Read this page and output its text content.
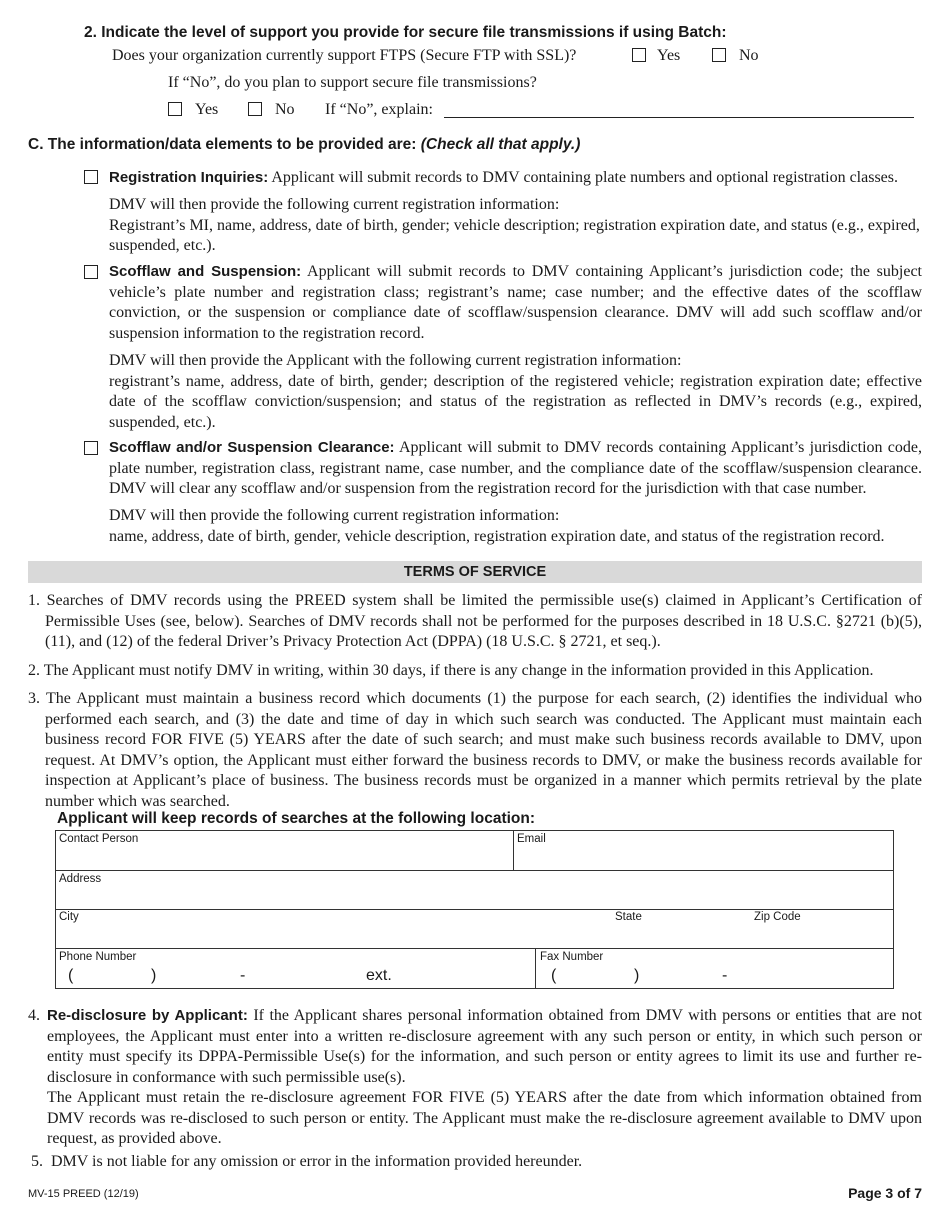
2. Indicate the level of support you provide for secure file transmissions if using Batch:
Does your organization currently support FTPS (Secure FTP with SSL)?	Yes	No
If “No”, do you plan to support secure file transmissions?
Yes	No If “No”, explain:
C. The information/data elements to be provided are: (Check all that apply.)
Registration Inquiries: Applicant will submit records to DMV containing plate numbers and optional registration classes.
DMV will then provide the following current registration information:
Registrant’s MI, name, address, date of birth, gender; vehicle description; registration expiration date, and status (e.g., expired, suspended, etc.).
Scofflaw and Suspension: Applicant will submit records to DMV containing Applicant’s jurisdiction code; the subject vehicle’s plate number and registration class; registrant’s name; case number; and the effective dates of the scofflaw conviction, or the suspension or compliance date of scofflaw/suspension clearance. DMV will add such scofflaw and/or suspension information to the registration record.
DMV will then provide the Applicant with the following current registration information:
registrant’s name, address, date of birth, gender; description of the registered vehicle; registration expiration date; effective date of the scofflaw conviction/suspension; and status of the registration as reflected in DMV’s records (e.g., expired, suspended, etc.).
Scofflaw and/or Suspension Clearance: Applicant will submit to DMV records containing Applicant’s jurisdiction code, plate number, registration class, registrant name, case number, and the compliance date of the scofflaw/suspension clearance. DMV will clear any scofflaw and/or suspension from the registration record for the jurisdiction with that case number.
DMV will then provide the following current registration information:
name, address, date of birth, gender, vehicle description, registration expiration date, and status of the registration record.
TERMS OF SERVICE
1. Searches of DMV records using the PREED system shall be limited the permissible use(s) claimed in Applicant’s Certification of Permissible Uses (see, below). Searches of DMV records shall not be performed for the purposes described in 18 U.S.C. §2721 (b)(5), (11), and (12) of the federal Driver’s Privacy Protection Act (DPPA) (18 U.S.C. § 2721, et seq.).
2. The Applicant must notify DMV in writing, within 30 days, if there is any change in the information provided in this Application.
3. The Applicant must maintain a business record which documents (1) the purpose for each search, (2) identifies the individual who performed each search, and (3) the date and time of day in which such search was conducted. The Applicant must maintain each business record FOR FIVE (5) YEARS after the date of such search; and must make such business records available to DMV, upon request. At DMV’s option, the Applicant must either forward the business records to DMV, or make the business records available for inspection at Applicant’s place of business. The business records must be organized in a manner which permits retrieval by the plate number which was searched.
Applicant will keep records of searches at the following location:
Contact Person	Email
Address
City	State	Zip Code
Phone Number
(	)	-	ext.
Fax Number
(	)	-
4. Re-disclosure by Applicant: If the Applicant shares personal information obtained from DMV with persons or entities that are not employees, the Applicant must enter into a written re-disclosure agreement with any such person or entity, in which such person or entity must specify its DPPA-Permissible Use(s) for the information, and such person or entity agrees to limit its use and further re-disclosure in conformance with such permissible use(s).
The Applicant must retain the re-disclosure agreement FOR FIVE (5) YEARS after the date from which information obtained from DMV records was re-disclosed to such person or entity. The Applicant must make the re-disclosure agreement available to DMV upon request, as provided above.
5.  DMV is not liable for any omission or error in the information provided hereunder.
MV-15 PREED (12/19)	Page 3 of 7
